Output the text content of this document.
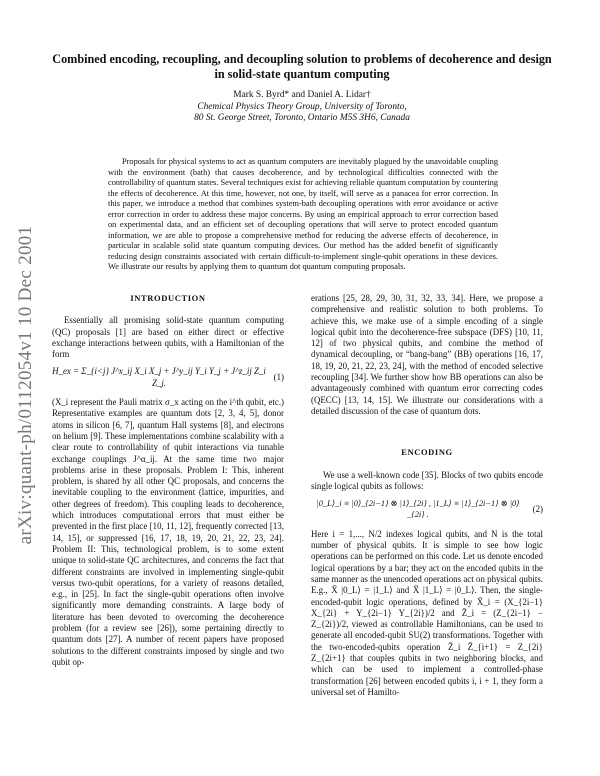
arXiv:quant-ph/0112054v1 10 Dec 2001
Combined encoding, recoupling, and decoupling solution to problems of decoherence and design in solid-state quantum computing
Mark S. Byrd* and Daniel A. Lidar†
Chemical Physics Theory Group, University of Toronto,
80 St. George Street, Toronto, Ontario M5S 3H6, Canada
Proposals for physical systems to act as quantum computers are inevitably plagued by the unavoidable coupling with the environment (bath) that causes decoherence, and by technological difficulties connected with the controllability of quantum states. Several techniques exist for achieving reliable quantum computation by countering the effects of decoherence. At this time, however, not one, by itself, will serve as a panacea for error correction. In this paper, we introduce a method that combines system-bath decoupling operations with error avoidance or active error correction in order to address these major concerns. By using an empirical approach to error correction based on experimental data, and an efficient set of decoupling operations that will serve to protect encoded quantum information, we are able to propose a comprehensive method for reducing the adverse effects of decoherence, in particular in scalable solid state quantum computing devices. Our method has the added benefit of significantly reducing design constraints associated with certain difficult-to-implement single-qubit operations in these devices. We illustrate our results by applying them to quantum dot quantum computing proposals.
INTRODUCTION

Essentially all promising solid-state quantum computing (QC) proposals [1] are based on either direct or effective exchange interactions between qubits, with a Hamiltonian of the form

H_ex = Σ_{i<j} J^x_ij X_i X_j + J^y_ij Y_i Y_j + J^z_ij Z_i Z_j.
(1)

(X_i represent the Pauli matrix σ_x acting on the i^th qubit, etc.) Representative examples are quantum dots [2, 3, 4, 5], donor atoms in silicon [6, 7], quantum Hall systems [8], and electrons on helium [9]. These implementations combine scalability with a clear route to controllability of qubit interactions via tunable exchange couplings J^α_ij. At the same time two major problems arise in these proposals. Problem I: This, inherent problem, is shared by all other QC proposals, and concerns the inevitable coupling to the environment (lattice, impurities, and other degrees of freedom). This coupling leads to decoherence, which introduces computational errors that must either be prevented in the first place [10, 11, 12], frequently corrected [13, 14, 15], or suppressed [16, 17, 18, 19, 20, 21, 22, 23, 24]. Problem II: This, technological problem, is to some extent unique to solid-state QC architectures, and concerns the fact that different constraints are involved in implementing single-qubit versus two-qubit operations, for a variety of reasons detailed, e.g., in [25]. In fact the single-qubit operations often involve significantly more demanding constraints. A large body of literature has been devoted to overcoming the decoherence problem (for a review see [26]), some pertaining directly to quantum dots [27]. A number of recent papers have proposed solutions to the different constraints imposed by single and two qubit op-

erations [25, 28, 29, 30, 31, 32, 33, 34]. Here, we propose a comprehensive and realistic solution to both problems. To achieve this, we make use of a simple encoding of a single logical qubit into the decoherence-free subspace (DFS) [10, 11, 12] of two physical qubits, and combine the method of dynamical decoupling, or “bang-bang” (BB) operations [16, 17, 18, 19, 20, 21, 22, 23, 24], with the method of encoded selective recoupling [34]. We further show how BB operations can also be advantageously combined with quantum error correcting codes (QECC) [13, 14, 15]. We illustrate our considerations with a detailed discussion of the case of quantum dots.

ENCODING

We use a well-known code [35]. Blocks of two qubits encode single logical qubits as follows:

|0_L⟩_i ≡ |0⟩_{2i−1} ⊗ |1⟩_{2i} , |1_L⟩ ≡ |1⟩_{2i−1} ⊗ |0⟩_{2i} .
(2)

Here i = 1,..., N/2 indexes logical qubits, and N is the total number of physical qubits. It is simple to see how logic operations can be performed on this code. Let us denote encoded logical operations by a bar; they act on the encoded qubits in the same manner as the unencoded operations act on physical qubits. E.g., X̄ |0_L⟩ = |1_L⟩ and X̄ |1_L⟩ = |0_L⟩. Then, the single-encoded-qubit logic operations, defined by X̄_i = (X_{2i−1} X_{2i} + Y_{2i−1} Y_{2i})/2 and Z̄_i = (Z_{2i−1} − Z_{2i})/2, viewed as controllable Hamiltonians, can be used to generate all encoded-qubit SU(2) transformations. Together with the two-encoded-qubits operation Z̄_i Z̄_{i+1} = Z_{2i} Z_{2i+1} that couples qubits in two neighboring blocks, and which can be used to implement a controlled-phase transformation [26] between encoded qubits i, i + 1, they form a universal set of Hamilto-
